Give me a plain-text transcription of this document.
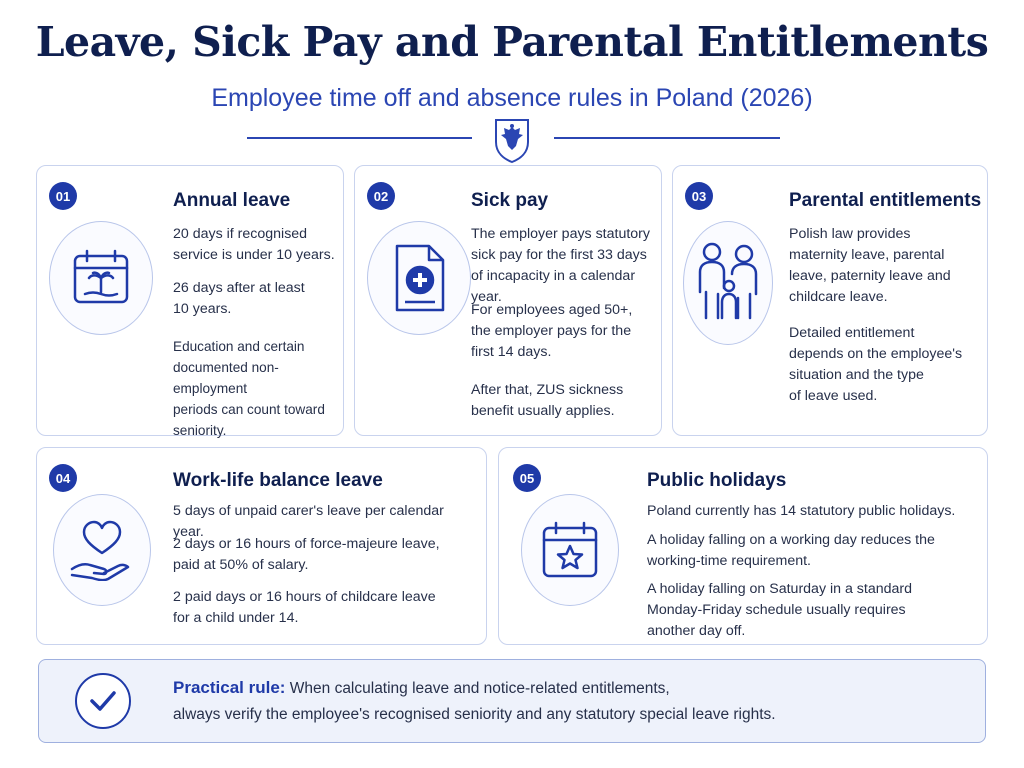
Leave, Sick Pay and Parental Entitlements
Employee time off and absence rules in Poland (2026)
01	Annual leave
20 days if recognised
service is under 10 years.
26 days after at least
10 years.
Education and certain
documented non-employment
periods can count toward
seniority.
02	Sick pay
The employer pays statutory
sick pay for the first 33 days
of incapacity in a calendar year.
For employees aged 50+,
the employer pays for the
first 14 days.
After that, ZUS sickness
benefit usually applies.
03	Parental entitlements
Polish law provides
maternity leave, parental
leave, paternity leave and
childcare leave.
Detailed entitlement
depends on the employee's
situation and the type
of leave used.
04	Work-life balance leave
5 days of unpaid carer's leave per calendar year.
2 days or 16 hours of force-majeure leave,
paid at 50% of salary.
2 paid days or 16 hours of childcare leave
for a child under 14.
05	Public holidays
Poland currently has 14 statutory public holidays.
A holiday falling on a working day reduces the
working-time requirement.
A holiday falling on Saturday in a standard
Monday-Friday schedule usually requires
another day off.
Practical rule: When calculating leave and notice-related entitlements,
always verify the employee's recognised seniority and any statutory special leave rights.
